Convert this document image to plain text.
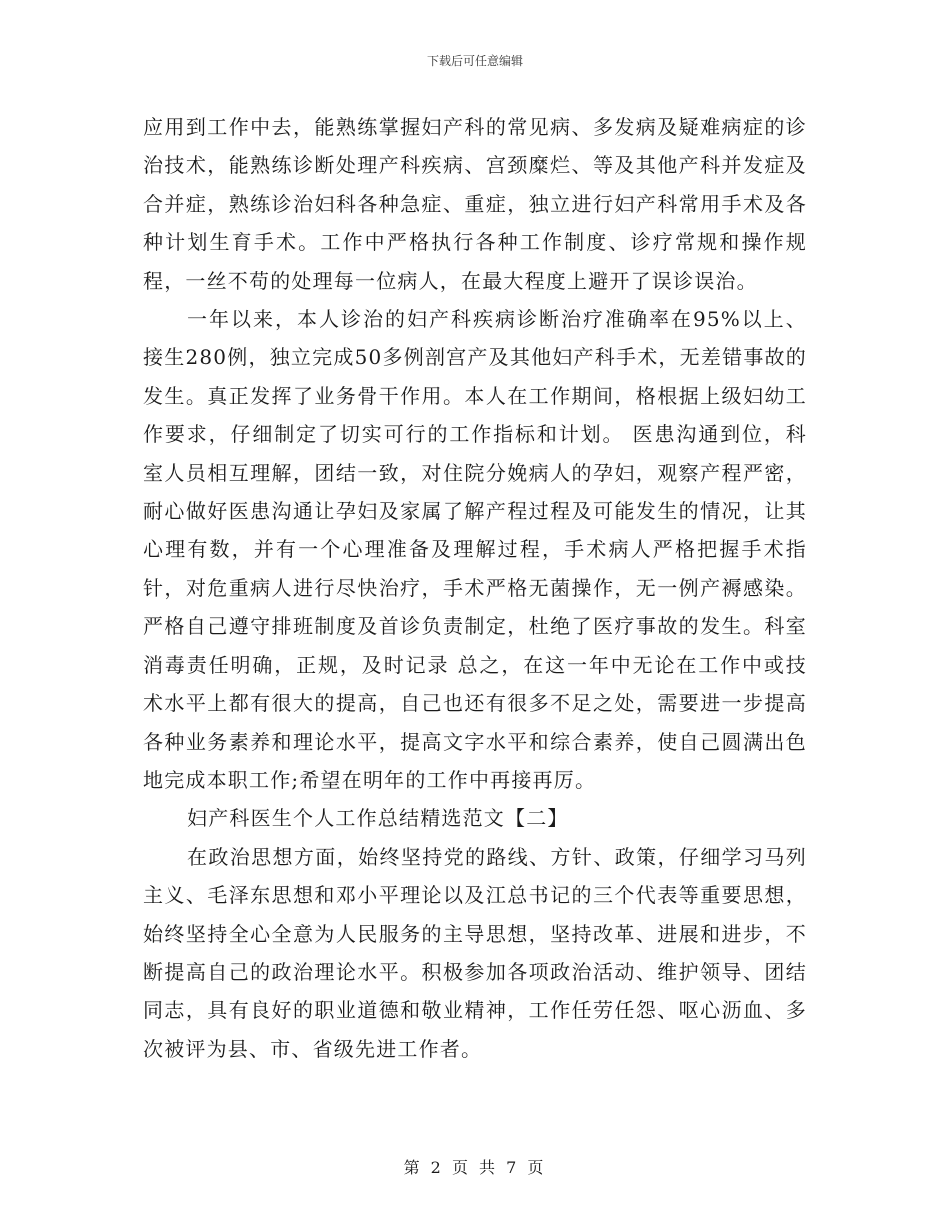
下载后可任意编辑

应用到工作中去，能熟练掌握妇产科的常见病、多发病及疑难病症的诊治技术，能熟练诊断处理产科疾病、宫颈糜烂、等及其他产科并发症及合并症，熟练诊治妇科各种急症、重症，独立进行妇产科常用手术及各种计划生育手术。工作中严格执行各种工作制度、诊疗常规和操作规程，一丝不苟的处理每一位病人，在最大程度上避开了误诊误治。

一年以来，本人诊治的妇产科疾病诊断治疗准确率在95%以上、接生280例，独立完成50多例剖宫产及其他妇产科手术，无差错事故的发生。真正发挥了业务骨干作用。本人在工作期间，格根据上级妇幼工作要求，仔细制定了切实可行的工作指标和计划。 医患沟通到位，科室人员相互理解，团结一致，对住院分娩病人的孕妇，观察产程严密，耐心做好医患沟通让孕妇及家属了解产程过程及可能发生的情况，让其心理有数，并有一个心理准备及理解过程，手术病人严格把握手术指针，对危重病人进行尽快治疗，手术严格无菌操作，无一例产褥感染。 严格自己遵守排班制度及首诊负责制定，杜绝了医疗事故的发生。科室消毒责任明确，正规，及时记录 总之，在这一年中无论在工作中或技术水平上都有很大的提高，自己也还有很多不足之处，需要进一步提高各种业务素养和理论水平，提高文字水平和综合素养，使自己圆满出色地完成本职工作;希望在明年的工作中再接再厉。

妇产科医生个人工作总结精选范文【二】

在政治思想方面，始终坚持党的路线、方针、政策，仔细学习马列主义、毛泽东思想和邓小平理论以及江总书记的三个代表等重要思想，始终坚持全心全意为人民服务的主导思想，坚持改革、进展和进步，不断提高自己的政治理论水平。积极参加各项政治活动、维护领导、团结同志，具有良好的职业道德和敬业精神，工作任劳任怨、呕心沥血、多次被评为县、市、省级先进工作者。

第 2 页 共 7 页
